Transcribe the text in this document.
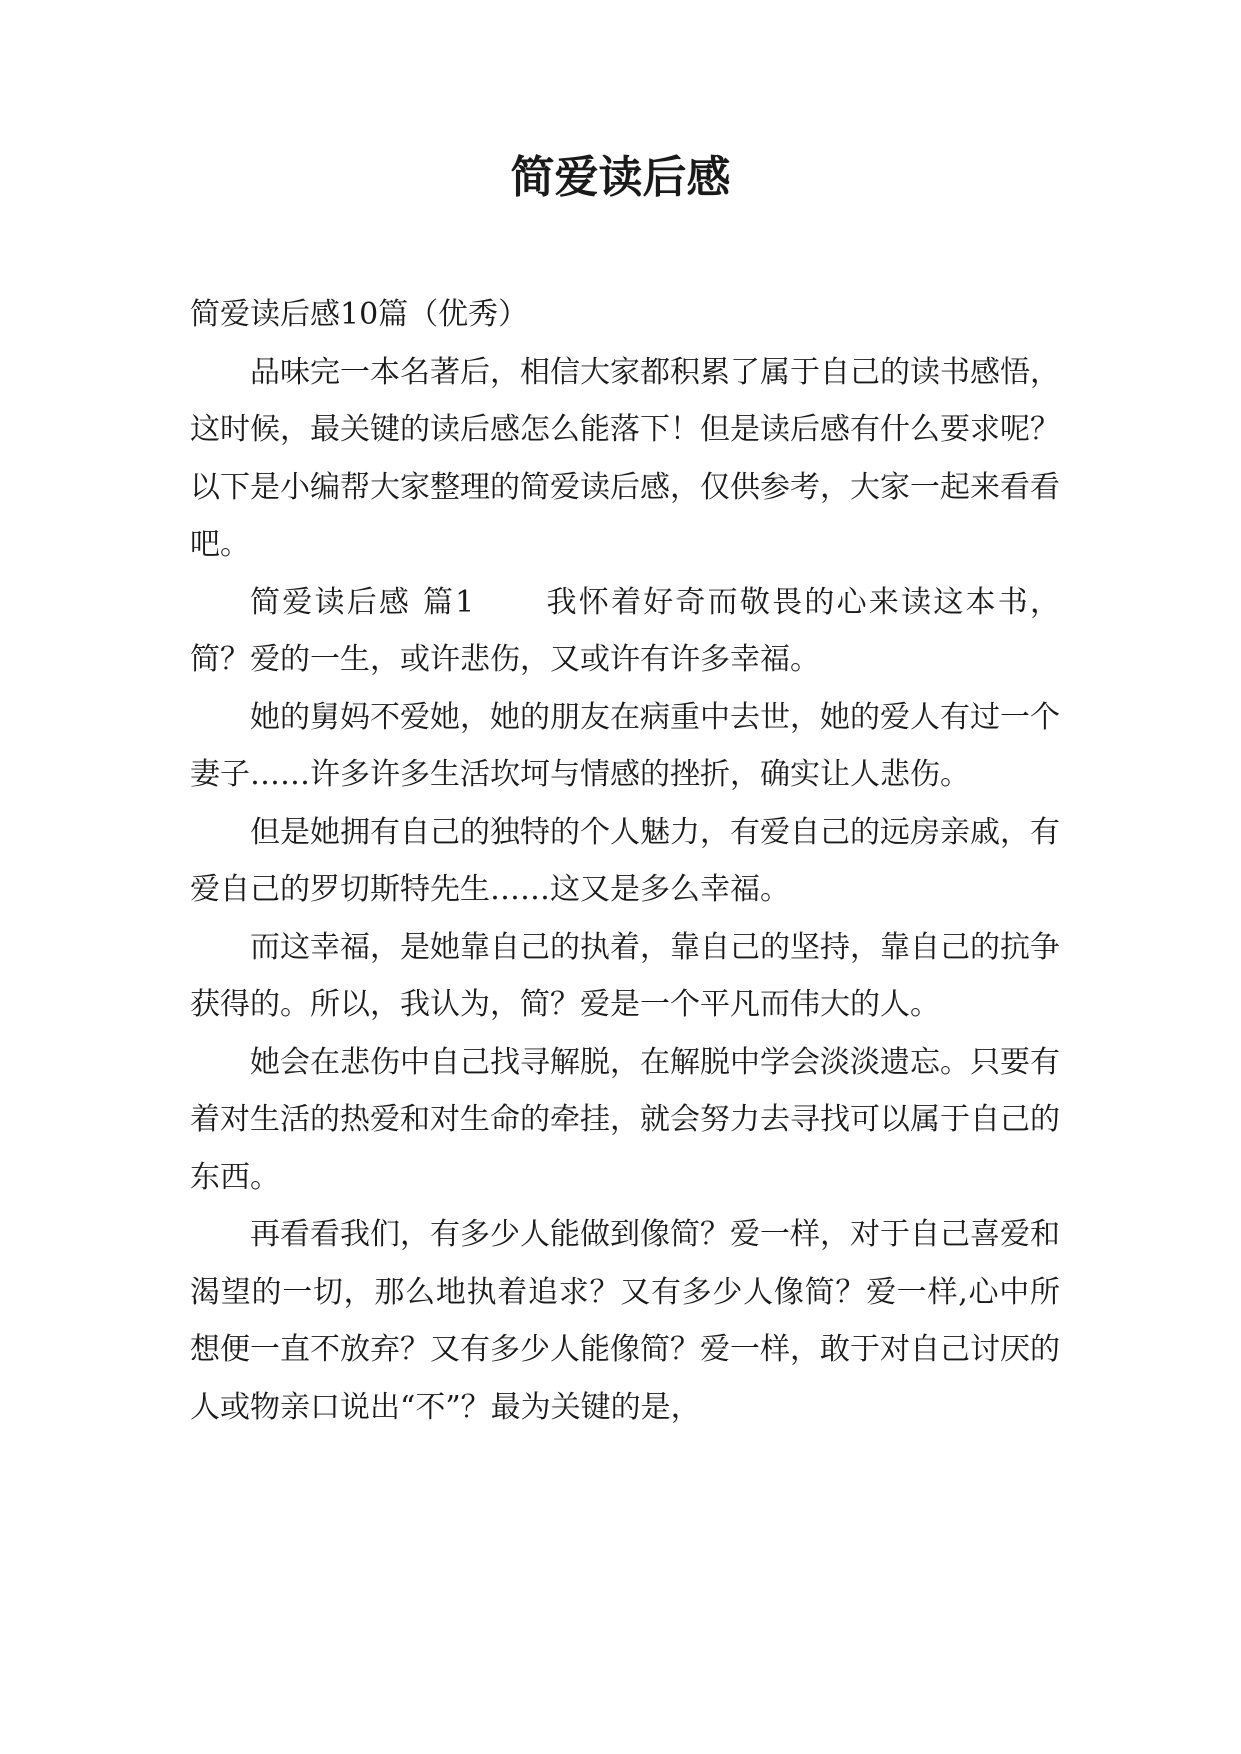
简爱读后感

简爱读后感10篇（优秀）

品味完一本名著后，相信大家都积累了属于自己的读书感悟，这时候，最关键的读后感怎么能落下！但是读后感有什么要求呢？以下是小编帮大家整理的简爱读后感，仅供参考，大家一起来看看吧。

简爱读后感 篇1 我怀着好奇而敬畏的心来读这本书，简？爱的一生，或许悲伤，又或许有许多幸福。

她的舅妈不爱她，她的朋友在病重中去世，她的爱人有过一个妻子……许多许多生活坎坷与情感的挫折，确实让人悲伤。

但是她拥有自己的独特的个人魅力，有爱自己的远房亲戚，有爱自己的罗切斯特先生……这又是多么幸福。

而这幸福，是她靠自己的执着，靠自己的坚持，靠自己的抗争获得的。所以，我认为，简？爱是一个平凡而伟大的人。

她会在悲伤中自己找寻解脱，在解脱中学会淡淡遗忘。只要有着对生活的热爱和对生命的牵挂，就会努力去寻找可以属于自己的东西。

再看看我们，有多少人能做到像简？爱一样，对于自己喜爱和渴望的一切，那么地执着追求？又有多少人像简？爱一样,心中所想便一直不放弃？又有多少人能像简？爱一样，敢于对自己讨厌的人或物亲口说出“不”？最为关键的是，
